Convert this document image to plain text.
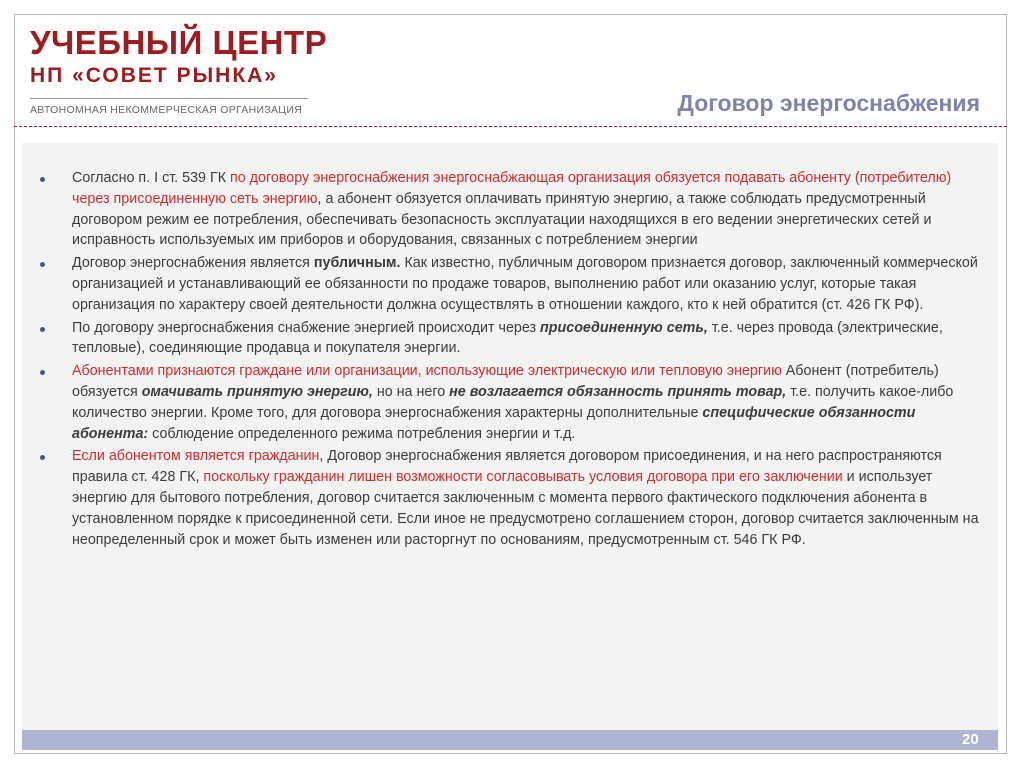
УЧЕБНЫЙ ЦЕНТР
НП «СОВЕТ РЫНКА»
АВТОНОМНАЯ НЕКОММЕРЧЕСКАЯ ОРГАНИЗАЦИЯ	Договор энергоснабжения
Согласно п. I ст. 539 ГК по договору энергоснабжения энергоснабжающая организация обязуется подавать абоненту (потребителю) через присоединенную сеть энергию, а абонент обязуется оплачивать принятую энергию, а также соблюдать предусмотренный договором режим ее потребления, обеспечивать безопасность эксплуатации находящихся в его ведении энергетических сетей и исправность используемых им приборов и оборудования, связанных с потреблением энергии
Договор энергоснабжения является публичным. Как известно, публичным договором признается договор, заключенный коммерческой организацией и устанавливающий ее обязанности по продаже товаров, выполнению работ или оказанию услуг, которые такая организация по характеру своей деятельности должна осуществлять в отношении каждого, кто к ней обратится (ст. 426 ГК РФ).
По договору энергоснабжения снабжение энергией происходит через присоединенную сеть, т.е. через провода (электрические, тепловые), соединяющие продавца и покупателя энергии.
Абонентами признаются граждане или организации, использующие электрическую или тепловую энергию Абонент (потребитель) обязуется омачивать принятую энергию, но на него не возлагается обязанность принять товар, т.е. получить какое-либо количество энергии. Кроме того, для договора энергоснабжения характерны дополнительные специфические обязанности абонента: соблюдение определенного режима потребления энергии и т.д.
Если абонентом является гражданин, Договор энергоснабжения является договором присоединения, и на него распространяются правила ст. 428 ГК, поскольку гражданин лишен возможности согласовывать условия договора при его заключении и использует энергию для бытового потребления, договор считается заключенным с момента первого фактического подключения абонента в установленном порядке к присоединенной сети. Если иное не предусмотрено соглашением сторон, договор считается заключенным на неопределенный срок и может быть изменен или расторгнут по основаниям, предусмотренным ст. 546 ГК РФ.
20
